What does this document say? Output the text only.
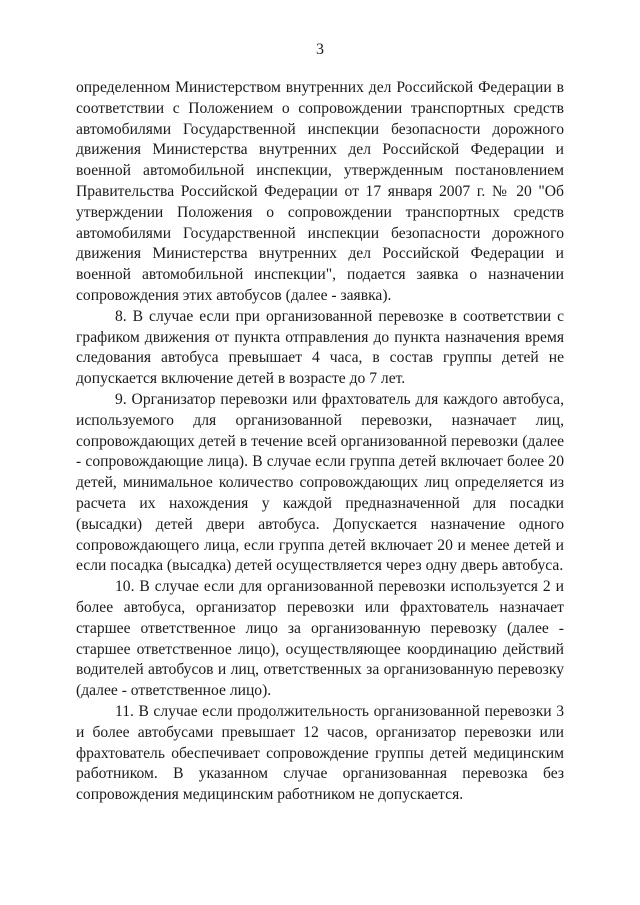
3

определенном Министерством внутренних дел Российской Федерации в соответствии с Положением о сопровождении транспортных средств автомобилями Государственной инспекции безопасности дорожного движения Министерства внутренних дел Российской Федерации и военной автомобильной инспекции, утвержденным постановлением Правительства Российской Федерации от 17 января 2007 г. № 20 "Об утверждении Положения о сопровождении транспортных средств автомобилями Государственной инспекции безопасности дорожного движения Министерства внутренних дел Российской Федерации и военной автомобильной инспекции", подается заявка о назначении сопровождения этих автобусов (далее - заявка).

8. В случае если при организованной перевозке в соответствии с графиком движения от пункта отправления до пункта назначения время следования автобуса превышает 4 часа, в состав группы детей не допускается включение детей в возрасте до 7 лет.

9. Организатор перевозки или фрахтователь для каждого автобуса, используемого для организованной перевозки, назначает лиц, сопровождающих детей в течение всей организованной перевозки (далее - сопровождающие лица). В случае если группа детей включает более 20 детей, минимальное количество сопровождающих лиц определяется из расчета их нахождения у каждой предназначенной для посадки (высадки) детей двери автобуса. Допускается назначение одного сопровождающего лица, если группа детей включает 20 и менее детей и если посадка (высадка) детей осуществляется через одну дверь автобуса.

10. В случае если для организованной перевозки используется 2 и более автобуса, организатор перевозки или фрахтователь назначает старшее ответственное лицо за организованную перевозку (далее - старшее ответственное лицо), осуществляющее координацию действий водителей автобусов и лиц, ответственных за организованную перевозку (далее - ответственное лицо).

11. В случае если продолжительность организованной перевозки 3 и более автобусами превышает 12 часов, организатор перевозки или фрахтователь обеспечивает сопровождение группы детей медицинским работником. В указанном случае организованная перевозка без сопровождения медицинским работником не допускается.
